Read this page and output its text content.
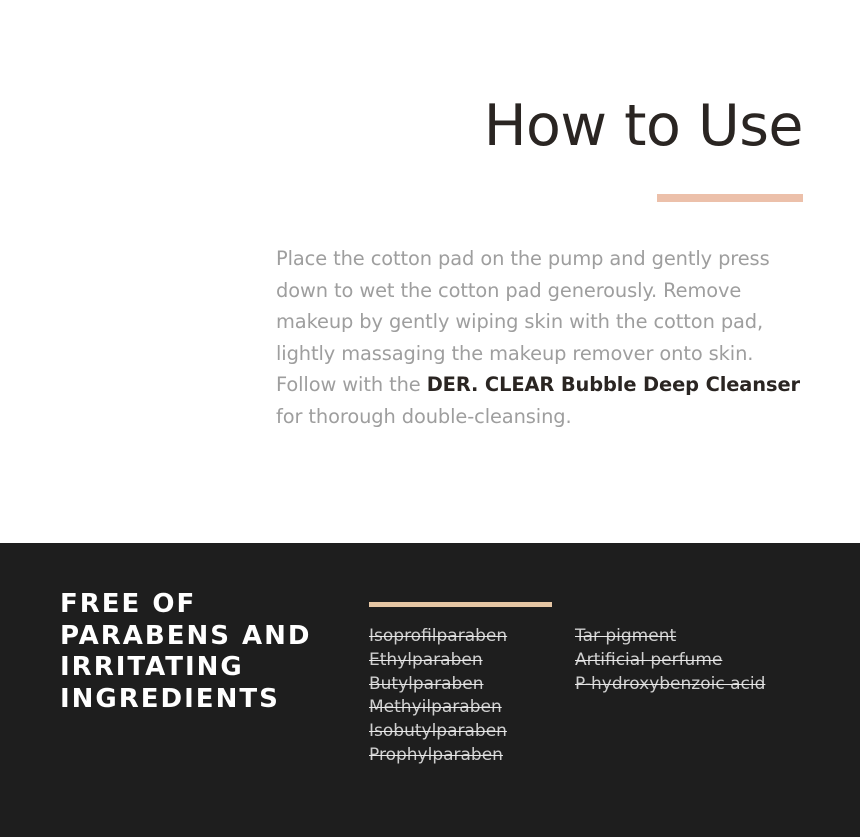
How to Use

Place the cotton pad on the pump and gently press down to wet the cotton pad generously. Remove makeup by gently wiping skin with the cotton pad, lightly massaging the makeup remover onto skin. Follow with the DER. CLEAR Bubble Deep Cleanser for thorough double-cleansing.

FREE OF
PARABENS AND
IRRITATING
INGREDIENTS
Isoprofilparaben
Ethylparaben
Butylparaben
Methyilparaben
Isobutylparaben
Prophylparaben
Tar pigment
Artificial perfume
P-hydroxybenzoic acid
